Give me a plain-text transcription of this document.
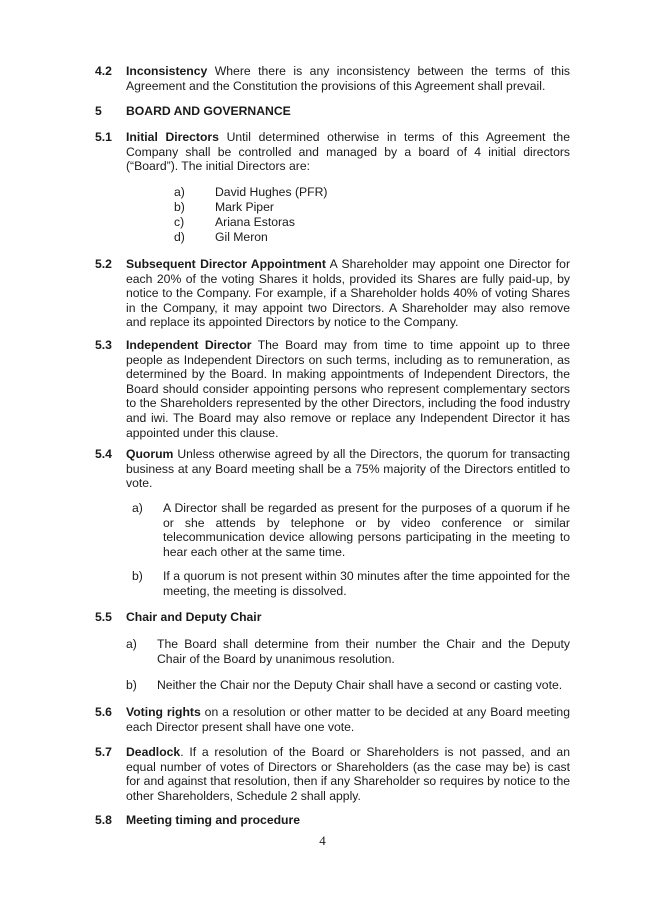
4.2 Inconsistency Where there is any inconsistency between the terms of this Agreement and the Constitution the provisions of this Agreement shall prevail.
5 BOARD AND GOVERNANCE
5.1 Initial Directors Until determined otherwise in terms of this Agreement the Company shall be controlled and managed by a board of 4 initial directors (“Board”). The initial Directors are:
a) David Hughes (PFR)
b) Mark Piper
c)	Ariana Estoras
d) Gil Meron
5.2 Subsequent Director Appointment A Shareholder may appoint one Director for each 20% of the voting Shares it holds, provided its Shares are fully paid-up, by notice to the Company. For example, if a Shareholder holds 40% of voting Shares in the Company, it may appoint two Directors. A Shareholder may also remove and replace its appointed Directors by notice to the Company.
5.3 Independent Director The Board may from time to time appoint up to three people as Independent Directors on such terms, including as to remuneration, as determined by the Board. In making appointments of Independent Directors, the Board should consider appointing persons who represent complementary sectors to the Shareholders represented by the other Directors, including the food industry and iwi. The Board may also remove or replace any Independent Director it has appointed under this clause.
5.4 Quorum Unless otherwise agreed by all the Directors, the quorum for transacting business at any Board meeting shall be a 75% majority of the Directors entitled to vote.
a) A Director shall be regarded as present for the purposes of a quorum if he or she attends by telephone or by video conference or similar telecommunication device allowing persons participating in the meeting to hear each other at the same time.
b) If a quorum is not present within 30 minutes after the time appointed for the meeting, the meeting is dissolved.
5.5 Chair and Deputy Chair
a) The Board shall determine from their number the Chair and the Deputy Chair of the Board by unanimous resolution.
b) Neither the Chair nor the Deputy Chair shall have a second or casting vote.
5.6 Voting rights on a resolution or other matter to be decided at any Board meeting each Director present shall have one vote.
5.7 Deadlock. If a resolution of the Board or Shareholders is not passed, and an equal number of votes of Directors or Shareholders (as the case may be) is cast for and against that resolution, then if any Shareholder so requires by notice to the other Shareholders, Schedule 2 shall apply.
5.8 Meeting timing and procedure
4
